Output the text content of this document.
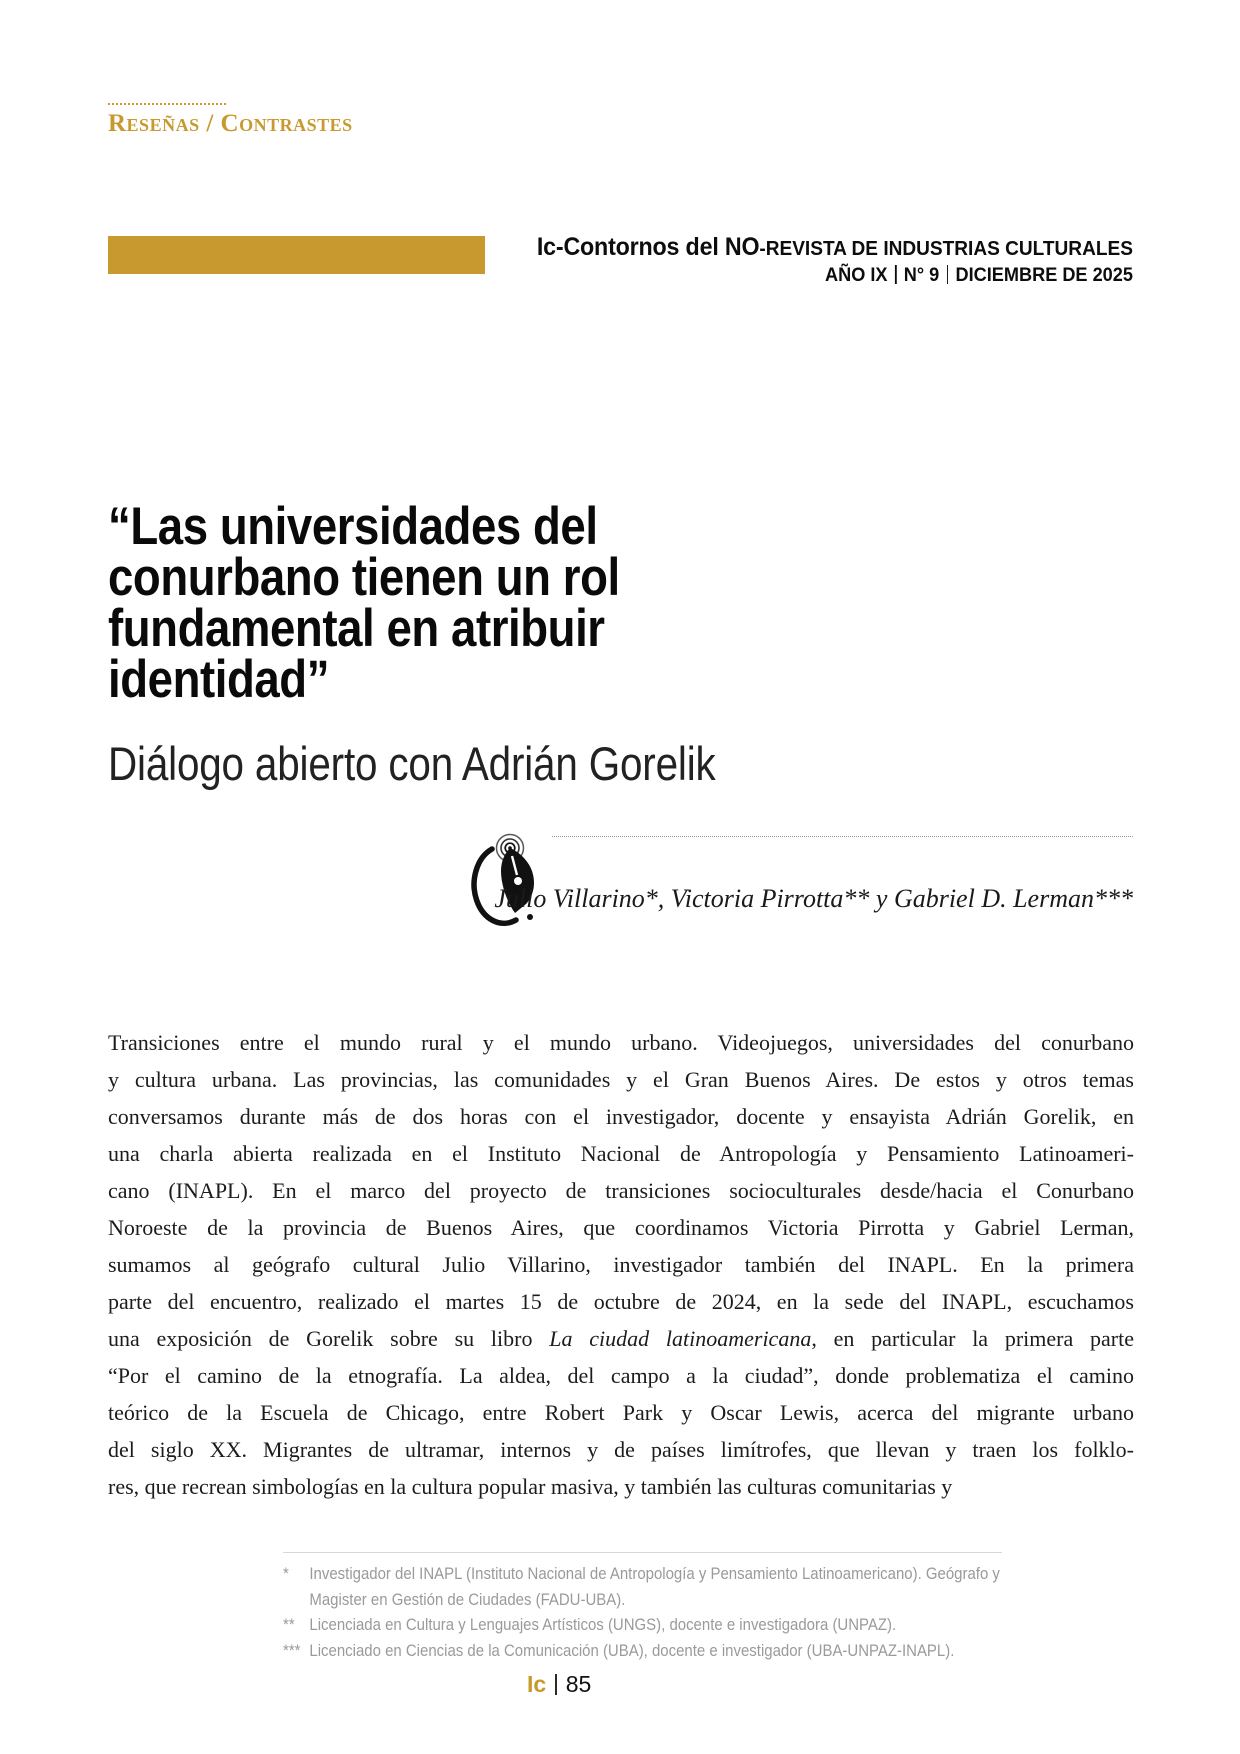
Reseñas / Contrastes
Ic-Contornos del NO-REVISTA DE INDUSTRIAS CULTURALES
AÑO IX N° 9 DICIEMBRE DE 2025
“Las universidades del
conurbano tienen un rol
fundamental en atribuir
identidad”
Diálogo abierto con Adrián Gorelik
Julio Villarino*, Victoria Pirrotta** y Gabriel D. Lerman***
Transiciones entre el mundo rural y el mundo urbano. Videojuegos, universidades del conurbano
y cultura urbana. Las provincias, las comunidades y el Gran Buenos Aires. De estos y otros temas
conversamos durante más de dos horas con el investigador, docente y ensayista Adrián Gorelik, en
una charla abierta realizada en el Instituto Nacional de Antropología y Pensamiento Latinoameri-
cano (INAPL). En el marco del proyecto de transiciones socioculturales desde/hacia el Conurbano
Noroeste de la provincia de Buenos Aires, que coordinamos Victoria Pirrotta y Gabriel Lerman,
sumamos al geógrafo cultural Julio Villarino, investigador también del INAPL. En la primera
parte del encuentro, realizado el martes 15 de octubre de 2024, en la sede del INAPL, escuchamos
una exposición de Gorelik sobre su libro La ciudad latinoamericana, en particular la primera parte
“Por el camino de la etnografía. La aldea, del campo a la ciudad”, donde problematiza el camino
teórico de la Escuela de Chicago, entre Robert Park y Oscar Lewis, acerca del migrante urbano
del siglo XX. Migrantes de ultramar, internos y de países limítrofes, que llevan y traen los folklo-
res, que recrean simbologías en la cultura popular masiva, y también las culturas comunitarias y
*	Investigador del INAPL (Instituto Nacional de Antropología y Pensamiento Latinoamericano). Geógrafo y Magister en Gestión de Ciudades (FADU-UBA).
** Licenciada en Cultura y Lenguajes Artísticos (UNGS), docente e investigadora (UNPAZ).
*** Licenciado en Ciencias de la Comunicación (UBA), docente e investigador (UBA-UNPAZ-INAPL).
Ic 85
